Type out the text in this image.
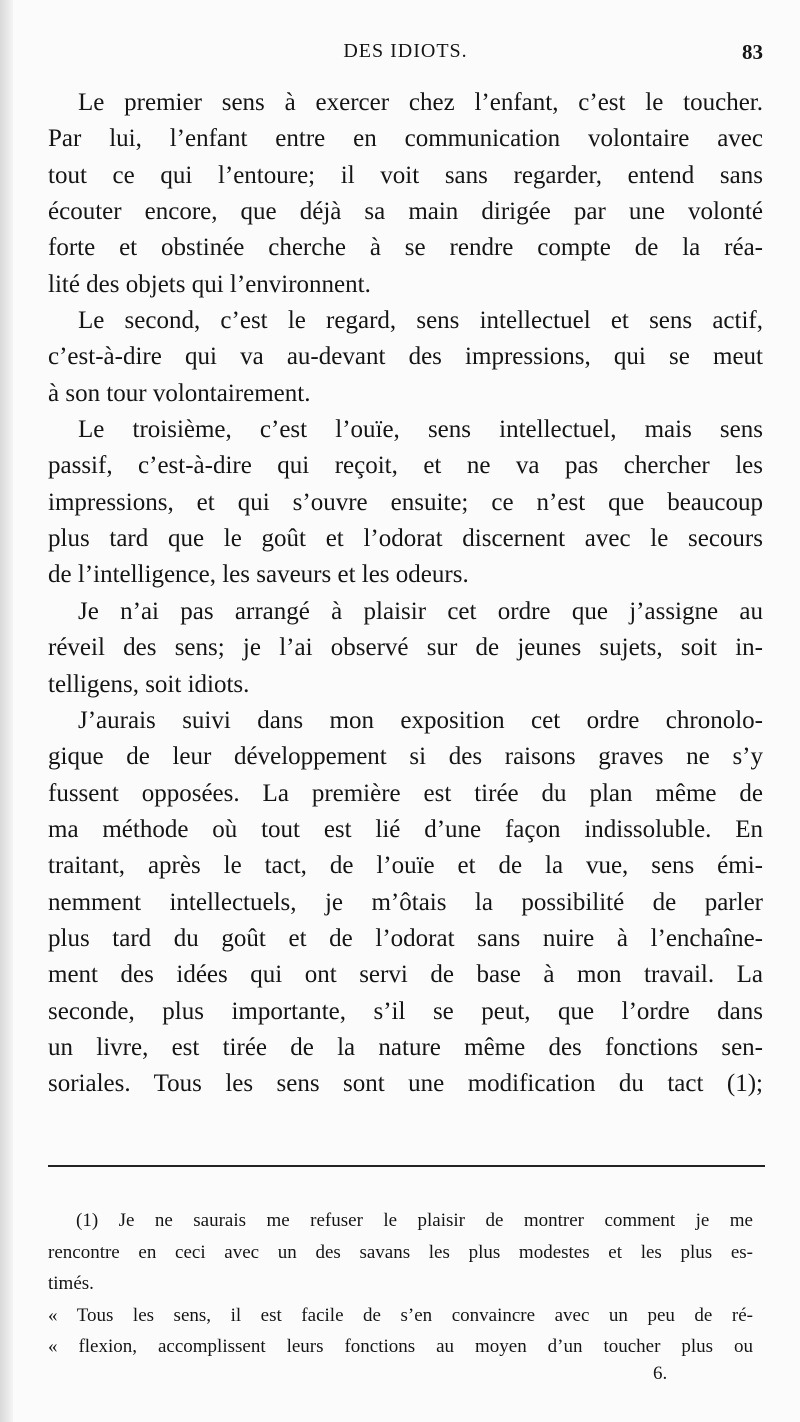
DES IDIOTS.	83
Le premier sens à exercer chez l’enfant, c’est le toucher.
Par lui, l’enfant entre en communication volontaire avec
tout ce qui l’entoure; il voit sans regarder, entend sans
écouter encore, que déjà sa main dirigée par une volonté
forte et obstinée cherche à se rendre compte de la réa-
lité des objets qui l’environnent.
Le second, c’est le regard, sens intellectuel et sens actif,
c’est-à-dire qui va au-devant des impressions, qui se meut
à son tour volontairement.
Le troisième, c’est l’ouïe, sens intellectuel, mais sens
passif, c’est-à-dire qui reçoit, et ne va pas chercher les
impressions, et qui s’ouvre ensuite; ce n’est que beaucoup
plus tard que le goût et l’odorat discernent avec le secours
de l’intelligence, les saveurs et les odeurs.
Je n’ai pas arrangé à plaisir cet ordre que j’assigne au
réveil des sens; je l’ai observé sur de jeunes sujets, soit in-
telligens, soit idiots.
J’aurais suivi dans mon exposition cet ordre chronolo-
gique de leur développement si des raisons graves ne s’y
fussent opposées. La première est tirée du plan même de
ma méthode où tout est lié d’une façon indissoluble. En
traitant, après le tact, de l’ouïe et de la vue, sens émi-
nemment intellectuels, je m’ôtais la possibilité de parler
plus tard du goût et de l’odorat sans nuire à l’enchaîne-
ment des idées qui ont servi de base à mon travail. La
seconde, plus importante, s’il se peut, que l’ordre dans
un livre, est tirée de la nature même des fonctions sen-
soriales. Tous les sens sont une modification du tact (1);
(1) Je ne saurais me refuser le plaisir de montrer comment je me
rencontre en ceci avec un des savans les plus modestes et les plus es-
timés.
« Tous les sens, il est facile de s’en convaincre avec un peu de ré-
« flexion, accomplissent leurs fonctions au moyen d’un toucher plus ou
6.
